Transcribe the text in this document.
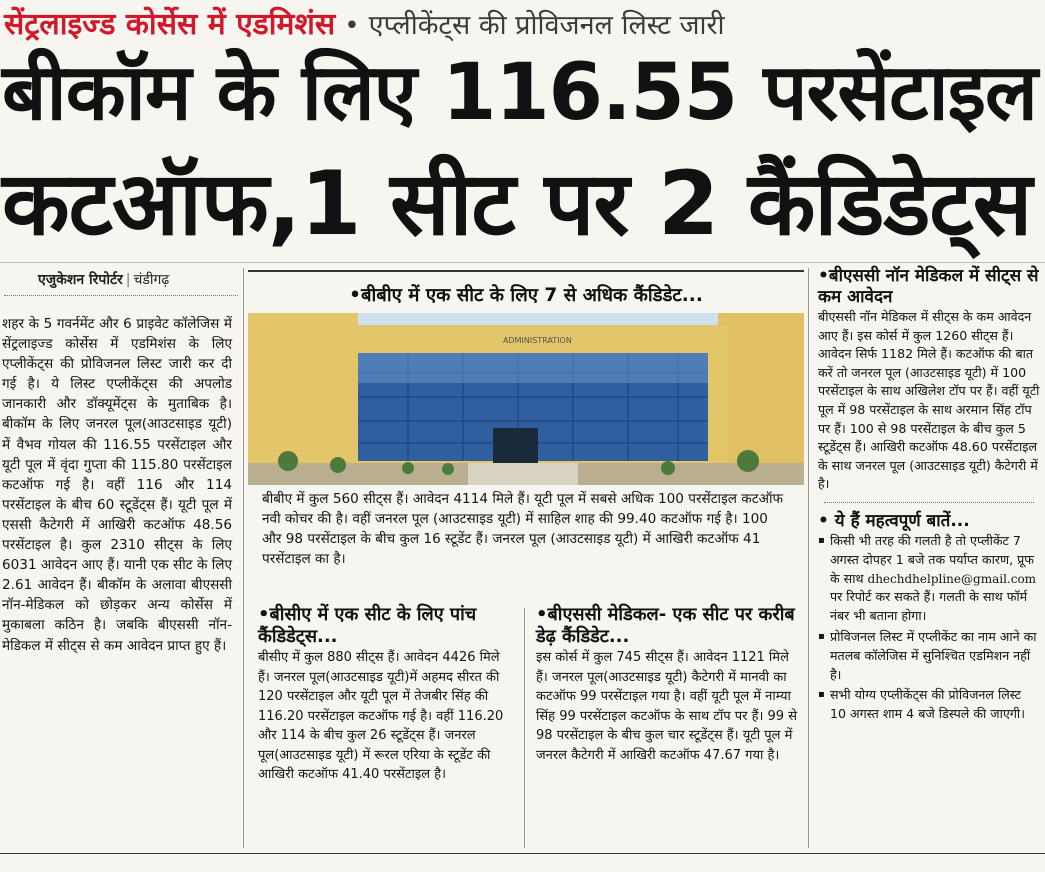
सेंट्रलाइज्ड कोर्सेस में एडमिशंस • एप्लीकेंट्स की प्रोविजनल लिस्ट जारी
बीकॉम के लिए 116.55 परसेंटाइल
कटऑफ,1 सीट पर 2 कैंडिडेट्स
एजुकेशन रिपोर्टर | चंडीगढ़

शहर के 5 गवर्नमेंट और 6 प्राइवेट कॉलेजिस में सेंट्रलाइज्ड कोर्सेस में एडमिशंस के लिए एप्लीकेंट्स की प्रोविजनल लिस्ट जारी कर दी गई है। ये लिस्ट एप्लीकेंट्स की अपलोड जानकारी और डॉक्यूमेंट्स के मुताबिक है। बीकॉम के लिए जनरल पूल(आउटसाइड यूटी) में वैभव गोयल की 116.55 परसेंटाइल और यूटी पूल में वृंदा गुप्ता की 115.80 परसेंटाइल कटऑफ गई है। वहीं 116 और 114 परसेंटाइल के बीच 60 स्टूडेंट्स हैं। यूटी पूल में एससी कैटेगरी में आखिरी कटऑफ 48.56 परसेंटाइल है। कुल 2310 सीट्स के लिए 6031 आवेदन आए हैं। यानी एक सीट के लिए 2.61 आवेदन हैं। बीकॉम के अलावा बीएससी नॉन-मेडिकल को छोड़कर अन्य कोर्सेस में मुकाबला कठिन है। जबकि बीएससी नॉन-मेडिकल में सीट्स से कम आवेदन प्राप्त हुए हैं।

•बीबीए में एक सीट के लिए 7 से अधिक कैंडिडेट...
ADMINISTRATION

बीबीए में कुल 560 सीट्स हैं। आवेदन 4114 मिले हैं। यूटी पूल में सबसे अधिक 100 परसेंटाइल कटऑफ नवी कोचर की है। वहीं जनरल पूल (आउटसाइड यूटी) में साहिल शाह की 99.40 कटऑफ गई है। 100 और 98 परसेंटाइल के बीच कुल 16 स्टूडेंट हैं। जनरल पूल (आउटसाइड यूटी) में आखिरी कटऑफ 41 परसेंटाइल का है।

•बीसीए में एक सीट के लिए पांच कैंडिडेट्स...

बीसीए में कुल 880 सीट्स हैं। आवेदन 4426 मिले हैं। जनरल पूल(आउटसाइड यूटी)में अहमद सीरत की 120 परसेंटाइल और यूटी पूल में तेजबीर सिंह की 116.20 परसेंटाइल कटऑफ गई है। वहीं 116.20 और 114 के बीच कुल 26 स्टूडेंट्स हैं। जनरल पूल(आउटसाइड यूटी) में रूरल एरिया के स्टूडेंट की आखिरी कटऑफ 41.40 परसेंटाइल है।

•बीएससी मेडिकल- एक सीट पर करीब डेढ़ कैंडिडेट...

इस कोर्स में कुल 745 सीट्स हैं। आवेदन 1121 मिले हैं। जनरल पूल(आउटसाइड यूटी) कैटेगरी में मानवी का कटऑफ 99 परसेंटाइल गया है। वहीं यूटी पूल में नाम्या सिंह 99 परसेंटाइल कटऑफ के साथ टॉप पर हैं। 99 से 98 परसेंटाइल के बीच कुल चार स्टूडेंट्स हैं। यूटी पूल में जनरल कैटेगरी में आखिरी कटऑफ 47.67 गया है।

•बीएससी नॉन मेडिकल में सीट्स से कम आवेदन

बीएससी नॉन मेडिकल में सीट्स के कम आवेदन आए हैं। इस कोर्स में कुल 1260 सीट्स हैं। आवेदन सिर्फ 1182 मिले हैं। कटऑफ की बात करें तो जनरल पूल (आउटसाइड यूटी) में 100 परसेंटाइल के साथ अखिलेश टॉप पर हैं। वहीं यूटी पूल में 98 परसेंटाइल के साथ अरमान सिंह टॉप पर हैं। 100 से 98 परसेंटाइल के बीच कुल 5 स्टूडेंट्स हैं। आखिरी कटऑफ 48.60 परसेंटाइल के साथ जनरल पूल (आउटसाइड यूटी) कैटेगरी में है।

• ये हैं महत्वपूर्ण बातें...
▪ किसी भी तरह की गलती है तो एप्लीकेंट 7 अगस्त दोपहर 1 बजे तक पर्याप्त कारण, प्रूफ के साथ dhechdhelpline@gmail.com पर रिपोर्ट कर सकते हैं। गलती के साथ फॉर्म नंबर भी बताना होगा।
▪ प्रोविजनल लिस्ट में एप्लीकेंट का नाम आने का मतलब कॉलेजिस में सुनिश्चित एडमिशन नहीं है।
▪ सभी योग्य एप्लीकेंट्स की प्रोविजनल लिस्ट 10 अगस्त शाम 4 बजे डिस्पले की जाएगी।
